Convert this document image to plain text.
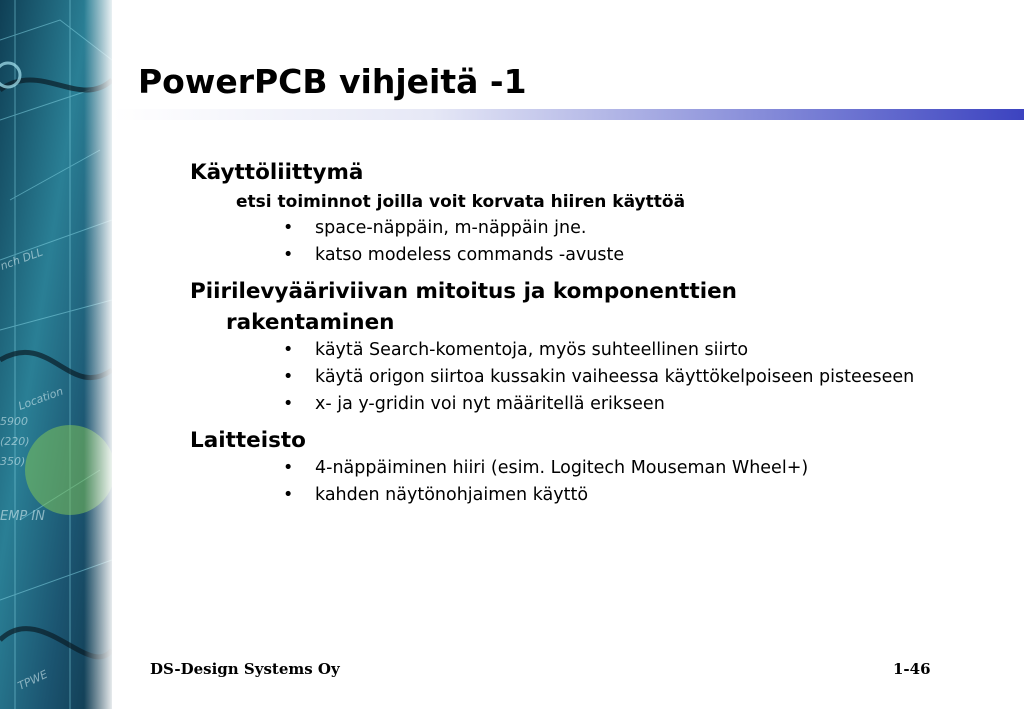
PowerPCB vihjeitä -1

Käyttöliittymä

etsi toiminnot joilla voit korvata hiiren käyttöä

• space-näppäin, m-näppäin jne.
• katso modeless commands -avuste

Piirilevyääriviivan mitoitus ja komponenttien
rakentaminen

• käytä Search-komentoja, myös suhteellinen siirto
• käytä origon siirtoa kussakin vaiheessa käyttökelpoiseen pisteeseen
• x- ja y-gridin voi nyt määritellä erikseen

Laitteisto

• 4-näppäiminen hiiri (esim. Logitech Mouseman Wheel+)
• kahden näytönohjaimen käyttö
DS-Design Systems Oy	1-46
